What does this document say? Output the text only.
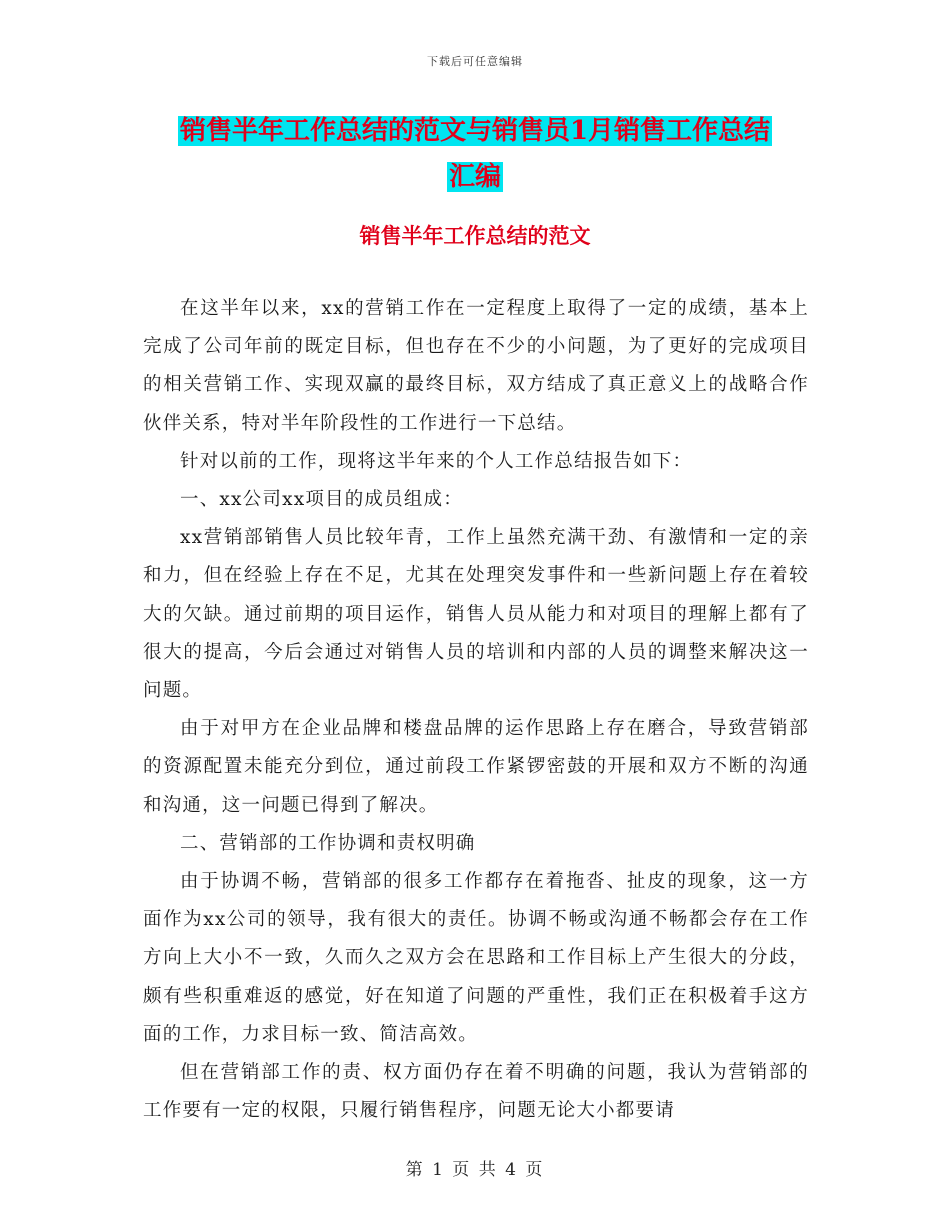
下载后可任意编辑
销售半年工作总结的范文与销售员1月销售工作总结
汇编
销售半年工作总结的范文

在这半年以来，xx的营销工作在一定程度上取得了一定的成绩，基本上完成了公司年前的既定目标，但也存在不少的小问题，为了更好的完成项目的相关营销工作、实现双赢的最终目标，双方结成了真正意义上的战略合作伙伴关系，特对半年阶段性的工作进行一下总结。

针对以前的工作，现将这半年来的个人工作总结报告如下：

一、xx公司xx项目的成员组成：

xx营销部销售人员比较年青，工作上虽然充满干劲、有激情和一定的亲和力，但在经验上存在不足，尤其在处理突发事件和一些新问题上存在着较大的欠缺。通过前期的项目运作，销售人员从能力和对项目的理解上都有了很大的提高，今后会通过对销售人员的培训和内部的人员的调整来解决这一问题。

由于对甲方在企业品牌和楼盘品牌的运作思路上存在磨合，导致营销部的资源配置未能充分到位，通过前段工作紧锣密鼓的开展和双方不断的沟通和沟通，这一问题已得到了解决。

二、营销部的工作协调和责权明确

由于协调不畅，营销部的很多工作都存在着拖沓、扯皮的现象，这一方面作为xx公司的领导，我有很大的责任。协调不畅或沟通不畅都会存在工作方向上大小不一致，久而久之双方会在思路和工作目标上产生很大的分歧，颇有些积重难返的感觉，好在知道了问题的严重性，我们正在积极着手这方面的工作，力求目标一致、简洁高效。

但在营销部工作的责、权方面仍存在着不明确的问题，我认为营销部的工作要有一定的权限，只履行销售程序，问题无论大小都要请

第 1 页 共 4 页
